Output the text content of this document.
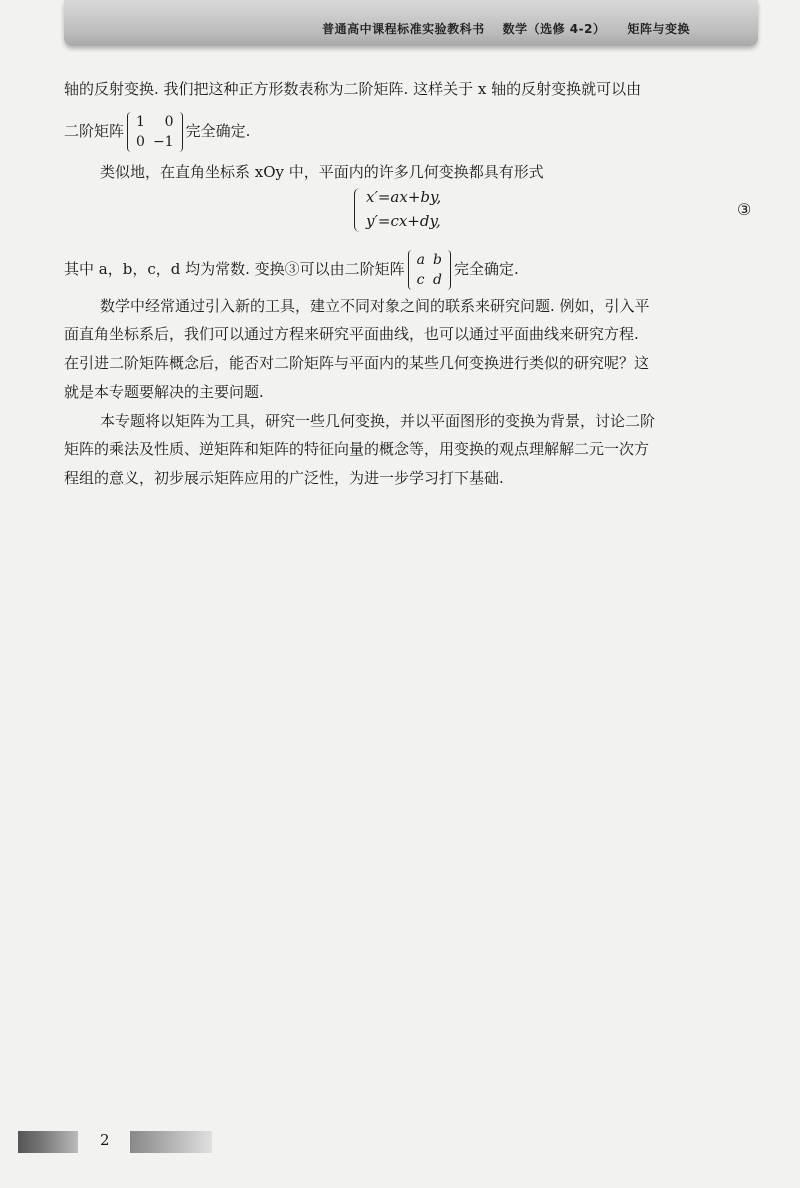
普通高中课程标准实验教科书 数学（选修 4-2） 矩阵与变换
轴的反射变换. 我们把这种正方形数表称为二阶矩阵. 这样关于 x 轴的反射变换就可以由
二阶矩阵 1	0
0	−1
完全确定.
类似地，在直角坐标系 xOy 中，平面内的许多几何变换都具有形式
x′=ax+by,
y′=cx+dy,
③
其中 a，b，c，d 均为常数. 变换③可以由二阶矩阵 a	b
c	d
完全确定.
数学中经常通过引入新的工具，建立不同对象之间的联系来研究问题. 例如，引入平
面直角坐标系后，我们可以通过方程来研究平面曲线，也可以通过平面曲线来研究方程.
在引进二阶矩阵概念后，能否对二阶矩阵与平面内的某些几何变换进行类似的研究呢？这
就是本专题要解决的主要问题.
本专题将以矩阵为工具，研究一些几何变换，并以平面图形的变换为背景，讨论二阶
矩阵的乘法及性质、逆矩阵和矩阵的特征向量的概念等，用变换的观点理解解二元一次方
程组的意义，初步展示矩阵应用的广泛性，为进一步学习打下基础.
2
